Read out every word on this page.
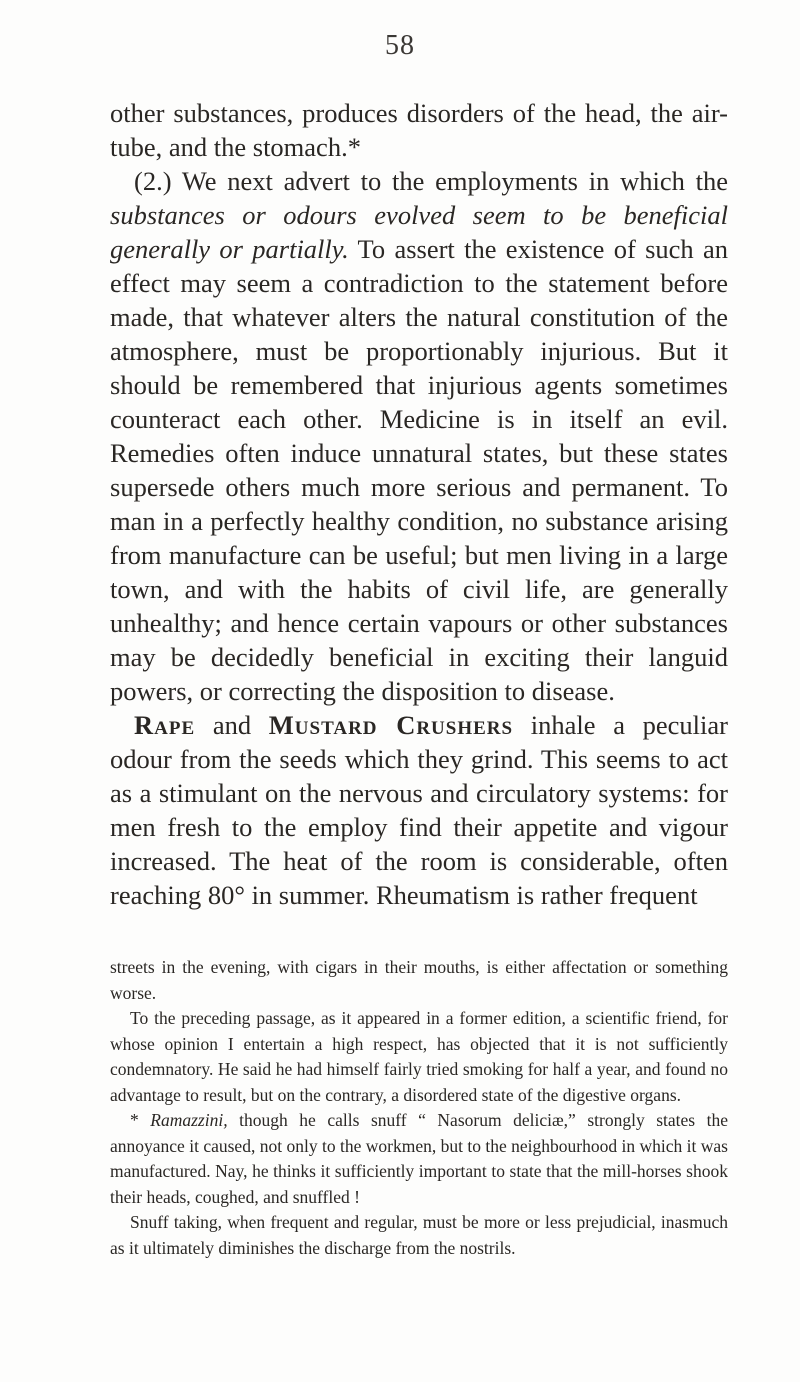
58

other substances, produces disorders of the head, the air-tube, and the stomach.*

(2.) We next advert to the employments in which the substances or odours evolved seem to be beneficial generally or partially. To assert the existence of such an effect may seem a contradiction to the statement before made, that whatever alters the natural constitution of the atmosphere, must be proportionably injurious. But it should be remembered that injurious agents sometimes counteract each other. Medicine is in itself an evil. Remedies often induce unnatural states, but these states supersede others much more serious and permanent. To man in a perfectly healthy condition, no substance arising from manufacture can be useful; but men living in a large town, and with the habits of civil life, are generally unhealthy; and hence certain vapours or other substances may be decidedly beneficial in exciting their languid powers, or correcting the disposition to disease.

Rape and Mustard Crushers inhale a peculiar odour from the seeds which they grind. This seems to act as a stimulant on the nervous and circulatory systems: for men fresh to the employ find their appetite and vigour increased. The heat of the room is considerable, often reaching 80° in summer. Rheumatism is rather frequent

streets in the evening, with cigars in their mouths, is either affectation or something worse.

To the preceding passage, as it appeared in a former edition, a scientific friend, for whose opinion I entertain a high respect, has objected that it is not sufficiently condemnatory. He said he had himself fairly tried smoking for half a year, and found no advantage to result, but on the contrary, a disordered state of the digestive organs.

* Ramazzini, though he calls snuff “ Nasorum deliciæ,” strongly states the annoyance it caused, not only to the workmen, but to the neighbourhood in which it was manufactured. Nay, he thinks it sufficiently important to state that the mill-horses shook their heads, coughed, and snuffled !

Snuff taking, when frequent and regular, must be more or less prejudicial, inasmuch as it ultimately diminishes the discharge from the nostrils.
